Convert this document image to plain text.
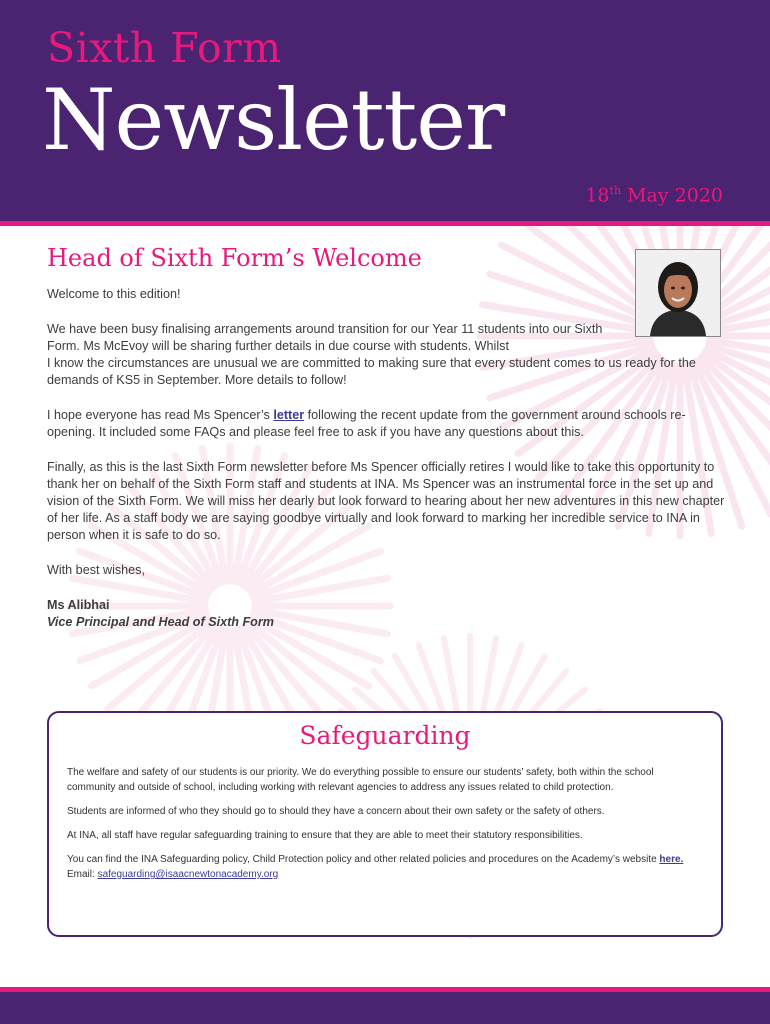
Sixth Form
Newsletter
18th May 2020
Head of Sixth Form’s Welcome

Welcome to this edition!

We have been busy finalising arrangements around transition for our Year 11 students into our Sixth Form. Ms McEvoy will be sharing further details in due course with students. Whilst

I know the circumstances are unusual we are committed to making sure that every student comes to us ready for the demands of KS5 in September. More details to follow!

I hope everyone has read Ms Spencer’s letter following the recent update from the government around schools re-opening. It included some FAQs and please feel free to ask if you have any questions about this.

Finally, as this is the last Sixth Form newsletter before Ms Spencer officially retires I would like to take this opportunity to thank her on behalf of the Sixth Form staff and students at INA. Ms Spencer was an instrumental force in the set up and vision of the Sixth Form. We will miss her dearly but look forward to hearing about her new adventures in this new chapter of her life. As a staff body we are saying goodbye virtually and look forward to marking her incredible service to INA in person when it is safe to do so.

With best wishes,

Ms Alibhai
Vice Principal and Head of Sixth Form
Safeguarding

The welfare and safety of our students is our priority. We do everything possible to ensure our students’ safety, both within the school community and outside of school, including working with relevant agencies to address any issues related to child protection.

Students are informed of who they should go to should they have a concern about their own safety or the safety of others.

At INA, all staff have regular safeguarding training to ensure that they are able to meet their statutory responsibilities.

You can find the INA Safeguarding policy, Child Protection policy and other related policies and procedures on the Academy’s website here. Email: safeguarding@isaacnewtonacademy.org
